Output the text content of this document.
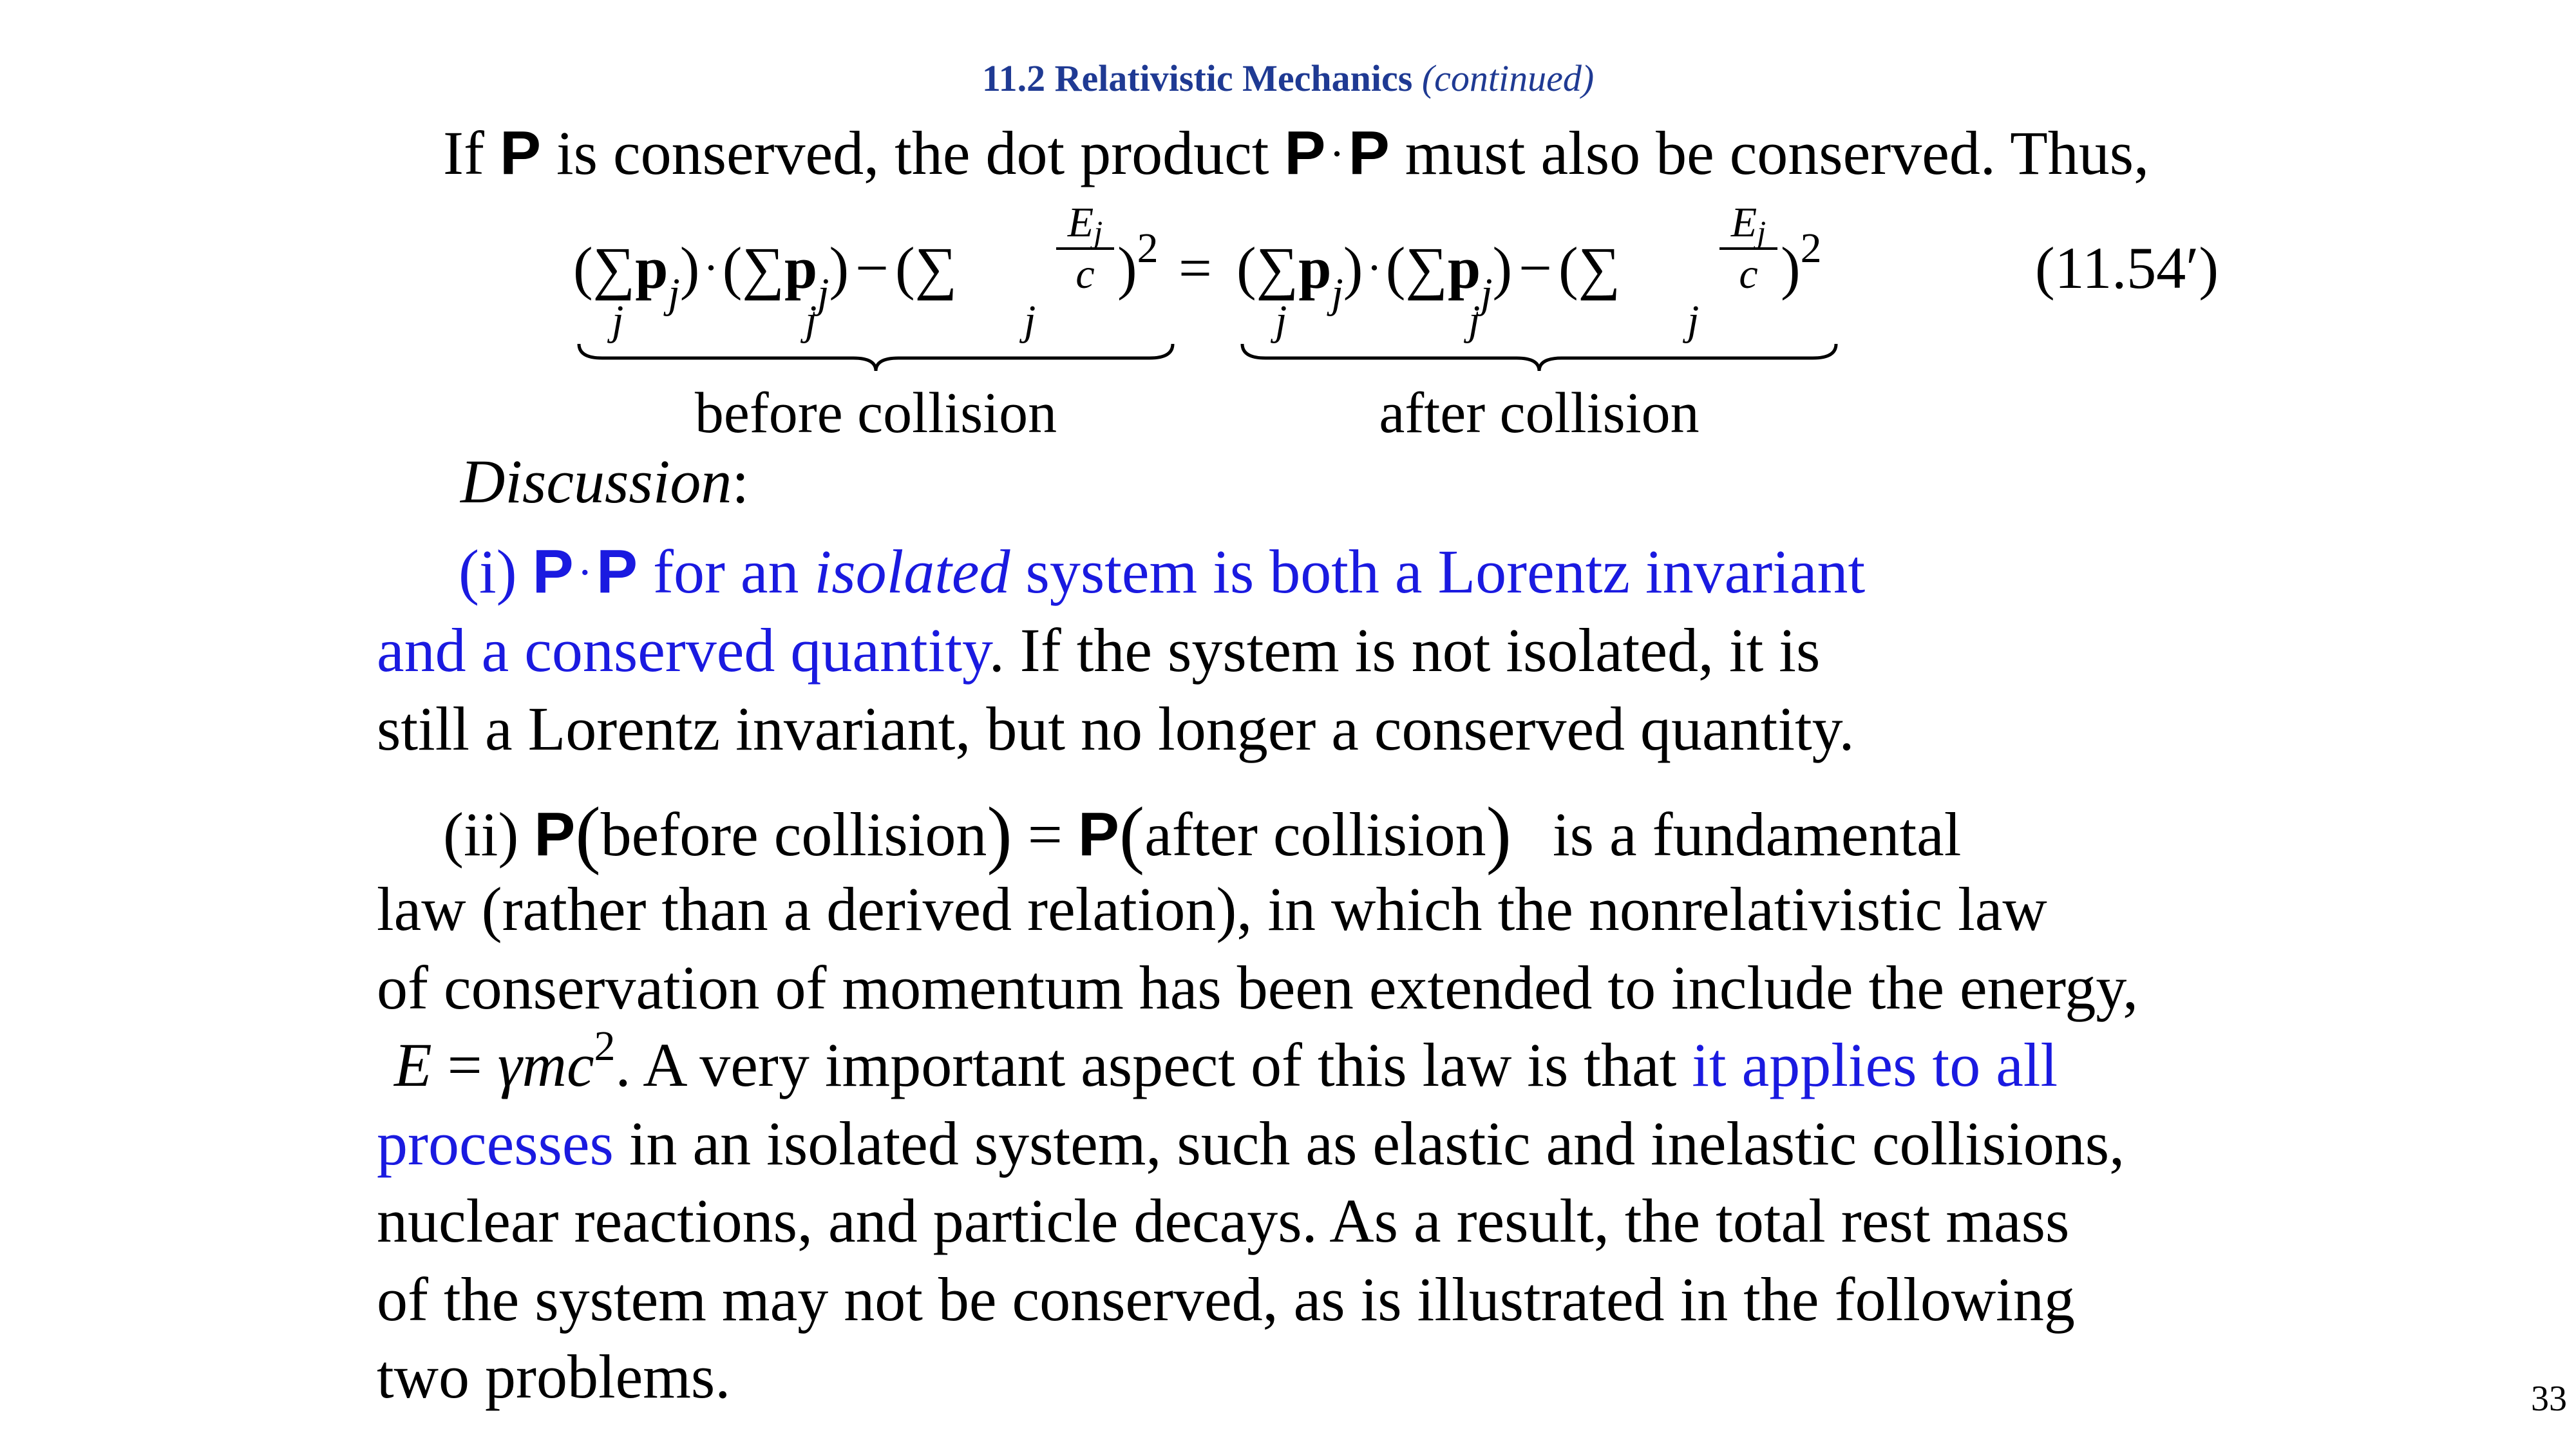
11.2 Relativistic Mechanics (continued)
If P is conserved, the dot product P·P must also be conserved. Thus,
$(\sum p_j)\cdot(\sum p_j)$ − (∑
Ej
c )$^2 = (\sum p_j)\cdot(\sum p_j)$ − (∑
Ej
c )$^2$
j	j	j	j	j	j
(11.54′)
before collision	after collision
Discussion:
(i) P·P for an isolated system is both a Lorentz invariant
and a conserved quantity. If the system is not isolated, it is
still a Lorentz invariant, but no longer a conserved quantity.
(ii) P(before collision) = P(after collision) is a fundamental
law (rather than a derived relation), in which the nonrelativistic law
of conservation of momentum has been extended to include the energy,
E = γmc$^2$. A very important aspect of this law is that it applies to all
processes in an isolated system, such as elastic and inelastic collisions,
nuclear reactions, and particle decays. As a result, the total rest mass
of the system may not be conserved, as is illustrated in the following
two problems.	33
